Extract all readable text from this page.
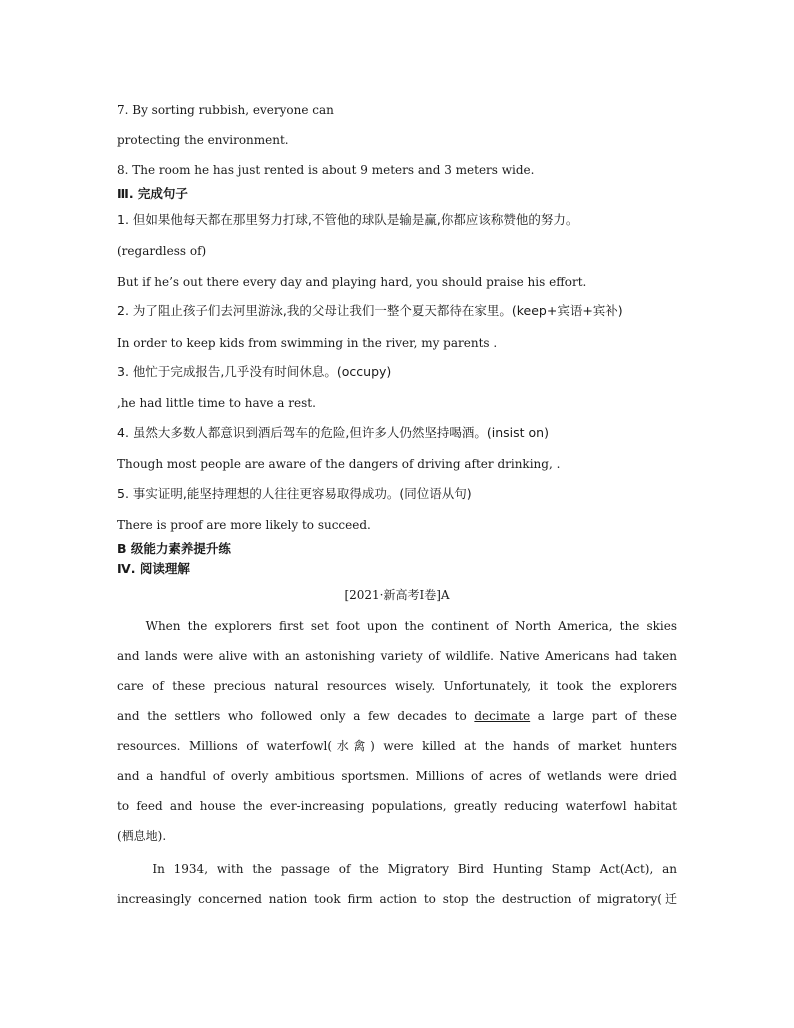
7. By sorting rubbish, everyone can
protecting the environment.
8. The room he has just rented is about 9 meters and 3 meters wide.
Ⅲ. 完成句子
1. 但如果他每天都在那里努力打球,不管他的球队是输是赢,你都应该称赞他的努力。
(regardless of)
But if he’s out there every day and playing hard, you should praise his effort.
2. 为了阻止孩子们去河里游泳,我的父母让我们一整个夏天都待在家里。(keep+宾语+宾补)
In order to keep kids from swimming in the river, my parents .
3. 他忙于完成报告,几乎没有时间休息。(occupy)
,he had little time to have a rest.
4. 虽然大多数人都意识到酒后驾车的危险,但许多人仍然坚持喝酒。(insist on)
Though most people are aware of the dangers of driving after drinking, .
5. 事实证明,能坚持理想的人往往更容易取得成功。(同位语从句)
There is proof are more likely to succeed.
B 级能力素养提升练
Ⅳ. 阅读理解
[2021·新高考Ⅰ卷]A
When the explorers first set foot upon the continent of North America, the skies
and lands were alive with an astonishing variety of wildlife. Native Americans had taken
care of these precious natural resources wisely. Unfortunately, it took the explorers
and the settlers who followed only a few decades to decimate a large part of these
resources. Millions of waterfowl(水禽) were killed at the hands of market hunters
and a handful of overly ambitious sportsmen. Millions of acres of wetlands were dried
to feed and house the ever-increasing populations, greatly reducing waterfowl habitat
(栖息地).
In 1934, with the passage of the Migratory Bird Hunting Stamp Act(Act), an
increasingly concerned nation took firm action to stop the destruction of migratory(迁
